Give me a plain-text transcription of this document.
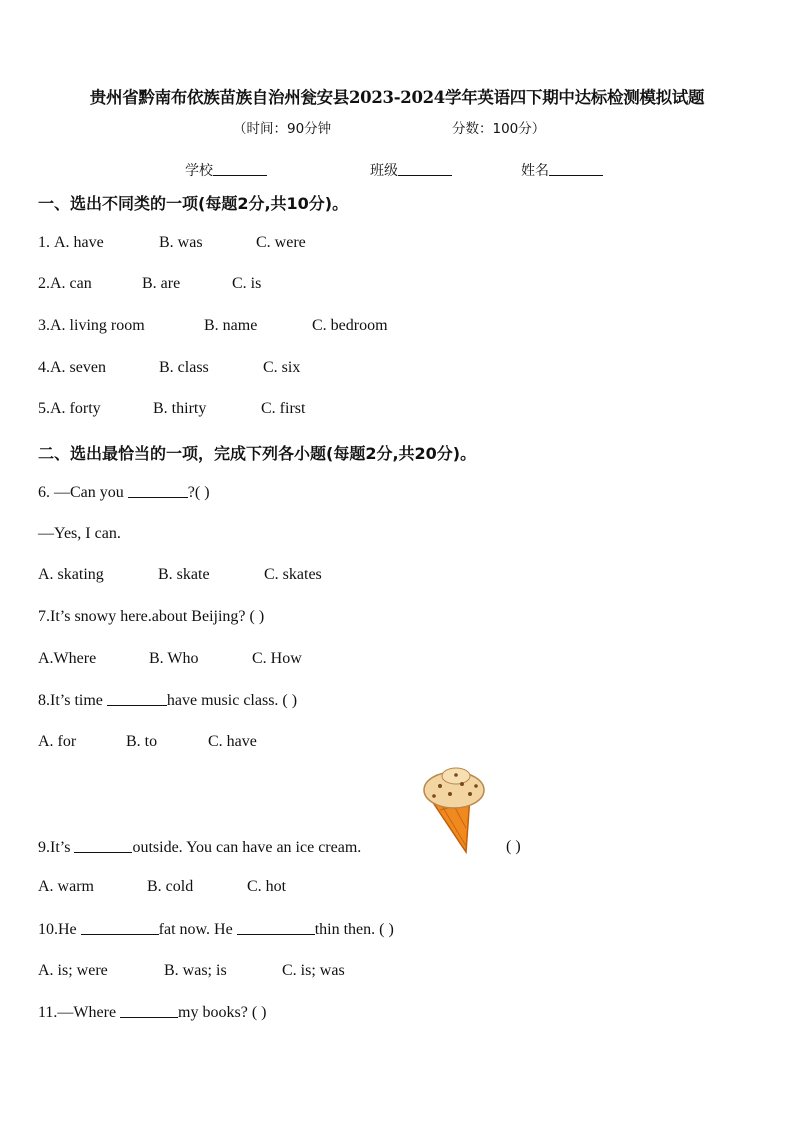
贵州省黔南布依族苗族自治州瓮安县2023-2024学年英语四下期中达标检测模拟试题
（时间：90分钟	分数：100分）
学校	班级	姓名
一、选出不同类的一项(每题2分,共10分)。
1. A. have	B. was	C. were
2.A. can	B. are	C. is
3.A. living room	B. name	C. bedroom
4.A. seven	B. class	C. six
5.A. forty	B. thirty	C. first
二、选出最恰当的一项，完成下列各小题(每题2分,共20分)。
6. —Can you	?( )
—Yes, I can.
A. skating	B. skate	C. skates
7.It’s snowy here.about Beijing? ( )
A.Where	B. Who	C. How
8.It’s time	have music class. ( )
A. for	B. to	C. have
9.It’s	outside. You can have an ice cream.	( )
A. warm	B. cold	C. hot
10.He	fat now. He	thin then. ( )
A. is; were	B. was; is	C. is; was
11.—Where	my books? ( )
